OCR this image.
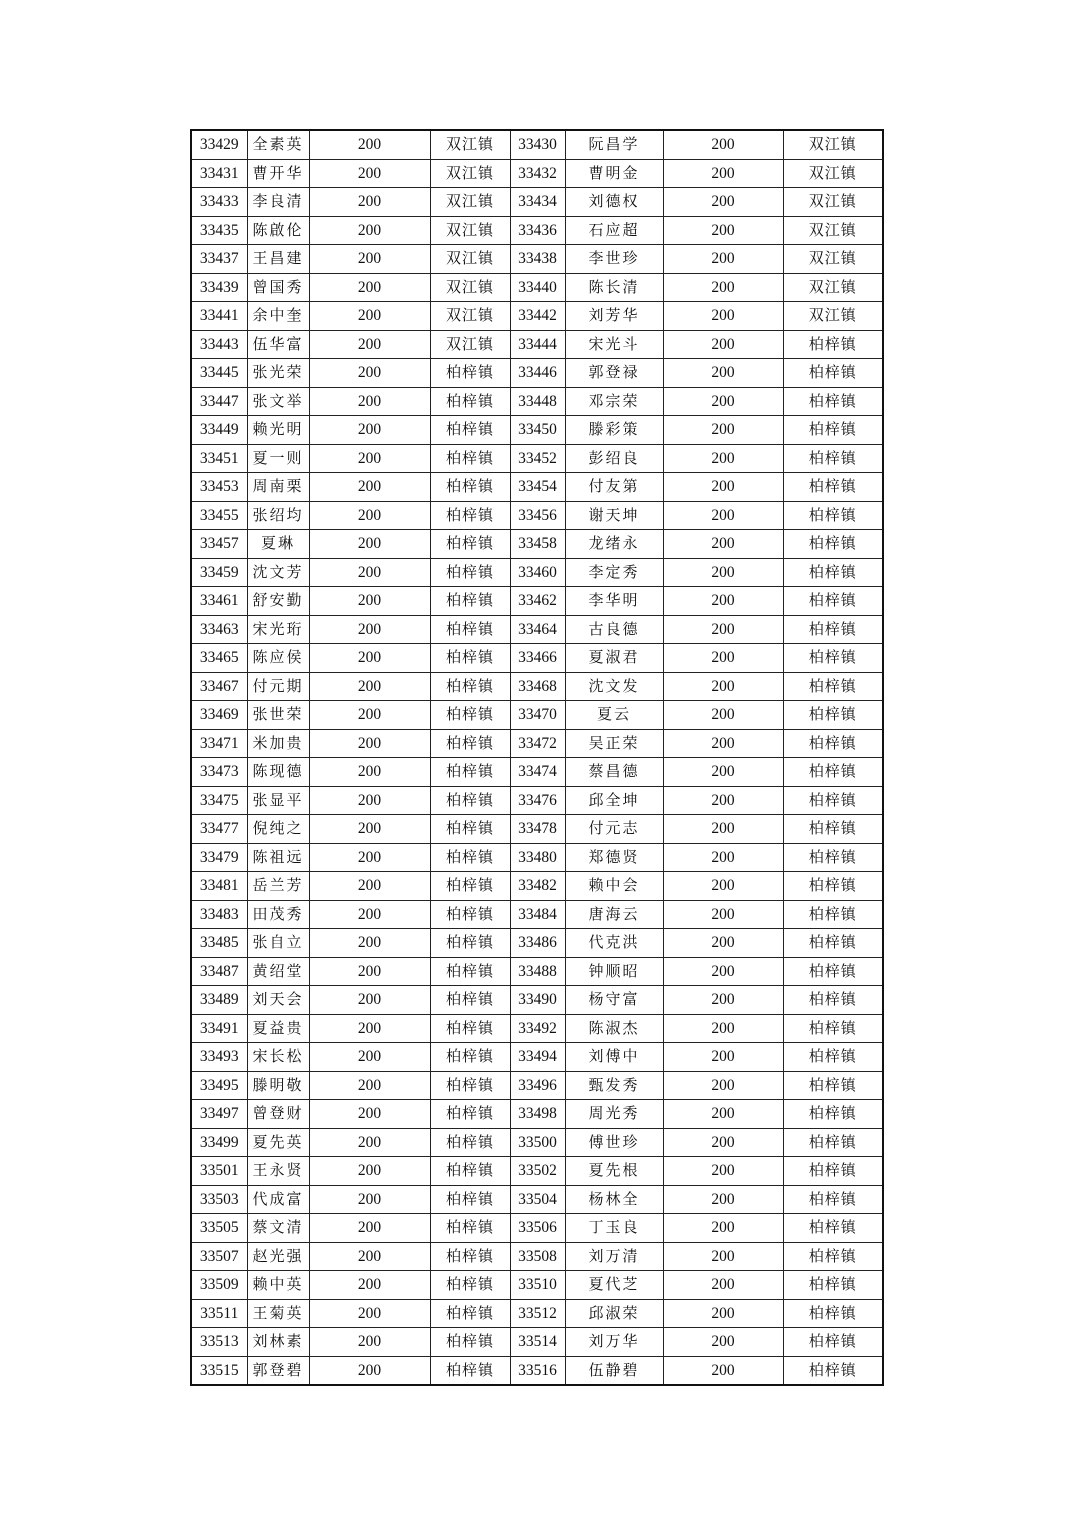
33429	全素英	200	双江镇	33430	阮昌学	200	双江镇
33431	曹开华	200	双江镇	33432	曹明金	200	双江镇
33433	李良清	200	双江镇	33434	刘德权	200	双江镇
33435	陈啟伦	200	双江镇	33436	石应超	200	双江镇
33437	王昌建	200	双江镇	33438	李世珍	200	双江镇
33439	曾国秀	200	双江镇	33440	陈长清	200	双江镇
33441	余中奎	200	双江镇	33442	刘芳华	200	双江镇
33443	伍华富	200	双江镇	33444	宋光斗	200	柏梓镇
33445	张光荣	200	柏梓镇	33446	郭登禄	200	柏梓镇
33447	张文举	200	柏梓镇	33448	邓宗荣	200	柏梓镇
33449	赖光明	200	柏梓镇	33450	滕彩策	200	柏梓镇
33451	夏一则	200	柏梓镇	33452	彭绍良	200	柏梓镇
33453	周南栗	200	柏梓镇	33454	付友第	200	柏梓镇
33455	张绍均	200	柏梓镇	33456	谢天坤	200	柏梓镇
33457	夏琳	200	柏梓镇	33458	龙绪永	200	柏梓镇
33459	沈文芳	200	柏梓镇	33460	李定秀	200	柏梓镇
33461	舒安勤	200	柏梓镇	33462	李华明	200	柏梓镇
33463	宋光珩	200	柏梓镇	33464	古良德	200	柏梓镇
33465	陈应侯	200	柏梓镇	33466	夏淑君	200	柏梓镇
33467	付元期	200	柏梓镇	33468	沈文发	200	柏梓镇
33469	张世荣	200	柏梓镇	33470	夏云	200	柏梓镇
33471	米加贵	200	柏梓镇	33472	吴正荣	200	柏梓镇
33473	陈现德	200	柏梓镇	33474	蔡昌德	200	柏梓镇
33475	张显平	200	柏梓镇	33476	邱全坤	200	柏梓镇
33477	倪纯之	200	柏梓镇	33478	付元志	200	柏梓镇
33479	陈祖远	200	柏梓镇	33480	郑德贤	200	柏梓镇
33481	岳兰芳	200	柏梓镇	33482	赖中会	200	柏梓镇
33483	田茂秀	200	柏梓镇	33484	唐海云	200	柏梓镇
33485	张自立	200	柏梓镇	33486	代克洪	200	柏梓镇
33487	黄绍堂	200	柏梓镇	33488	钟顺昭	200	柏梓镇
33489	刘天会	200	柏梓镇	33490	杨守富	200	柏梓镇
33491	夏益贵	200	柏梓镇	33492	陈淑杰	200	柏梓镇
33493	宋长松	200	柏梓镇	33494	刘傅中	200	柏梓镇
33495	滕明敬	200	柏梓镇	33496	甄发秀	200	柏梓镇
33497	曾登财	200	柏梓镇	33498	周光秀	200	柏梓镇
33499	夏先英	200	柏梓镇	33500	傅世珍	200	柏梓镇
33501	王永贤	200	柏梓镇	33502	夏先根	200	柏梓镇
33503	代成富	200	柏梓镇	33504	杨林全	200	柏梓镇
33505	蔡文清	200	柏梓镇	33506	丁玉良	200	柏梓镇
33507	赵光强	200	柏梓镇	33508	刘万清	200	柏梓镇
33509	赖中英	200	柏梓镇	33510	夏代芝	200	柏梓镇
33511	王菊英	200	柏梓镇	33512	邱淑荣	200	柏梓镇
33513	刘林素	200	柏梓镇	33514	刘万华	200	柏梓镇
33515	郭登碧	200	柏梓镇	33516	伍静碧	200	柏梓镇
